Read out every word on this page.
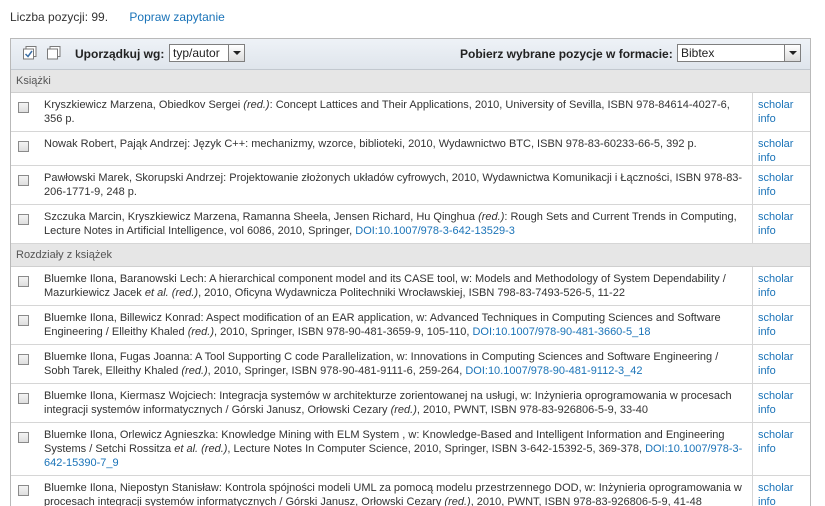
Liczba pozycji: 99. Popraw zapytanie
Uporządkuj wg: typ/autor	Pobierz wybrane pozycje w formacie: Bibtex
Książki
Kryszkiewicz Marzena, Obiedkov Sergei (red.): Concept Lattices and Their Applications, 2010, University of Sevilla, ISBN 978-84614-4027-6, 356 p.
scholar
info
Nowak Robert, Pająk Andrzej: Język C++: mechanizmy, wzorce, biblioteki, 2010, Wydawnictwo BTC, ISBN 978-83-60233-66-5, 392 p.	scholar
info
Pawłowski Marek, Skorupski Andrzej: Projektowanie złożonych układów cyfrowych, 2010, Wydawnictwa Komunikacji i Łączności, ISBN 978-83-206-1771-9, 248 p.
scholar
info
Szczuka Marcin, Kryszkiewicz Marzena, Ramanna Sheela, Jensen Richard, Hu Qinghua (red.): Rough Sets and Current Trends in Computing, Lecture Notes in Artificial Intelligence, vol 6086, 2010, Springer, DOI:10.1007/978-3-642-13529-3
scholar
info
Rozdziały z książek
Bluemke Ilona, Baranowski Lech: A hierarchical component model and its CASE tool, w: Models and Methodology of System Dependability / Mazurkiewicz Jacek et al. (red.), 2010, Oficyna Wydawnicza Politechniki Wrocławskiej, ISBN 798-83-7493-526-5, 11-22
scholar
info
Bluemke Ilona, Billewicz Konrad: Aspect modification of an EAR application, w: Advanced Techniques in Computing Sciences and Software Engineering / Elleithy Khaled (red.), 2010, Springer, ISBN 978-90-481-3659-9, 105-110, DOI:10.1007/978-90-481-3660-5_18
scholar
info
Bluemke Ilona, Fugas Joanna: A Tool Supporting C code Parallelization, w: Innovations in Computing Sciences and Software Engineering / Sobh Tarek, Elleithy Khaled (red.), 2010, Springer, ISBN 978-90-481-9111-6, 259-264, DOI:10.1007/978-90-481-9112-3_42
scholar
info
Bluemke Ilona, Kiermasz Wojciech: Integracja systemów w architekturze zorientowanej na usługi, w: Inżynieria oprogramowania w procesach integracji systemów informatycznych / Górski Janusz, Orłowski Cezary (red.), 2010, PWNT, ISBN 978-83-926806-5-9, 33-40
scholar
info
Bluemke Ilona, Orlewicz Agnieszka: Knowledge Mining with ELM System , w: Knowledge-Based and Intelligent Information and Engineering Systems / Setchi Rossitza et al. (red.), Lecture Notes In Computer Science, 2010, Springer, ISBN 3-642-15392-5, 369-378, DOI:10.1007/978-3-642-15390-7_9
scholar
info
Bluemke Ilona, Niepostyn Stanisław: Kontrola spójności modeli UML za pomocą modelu przestrzennego DOD, w: Inżynieria oprogramowania w procesach integracji systemów informatycznych / Górski Janusz, Orłowski Cezary (red.), 2010, PWNT, ISBN 978-83-926806-5-9, 41-48
scholar
info
